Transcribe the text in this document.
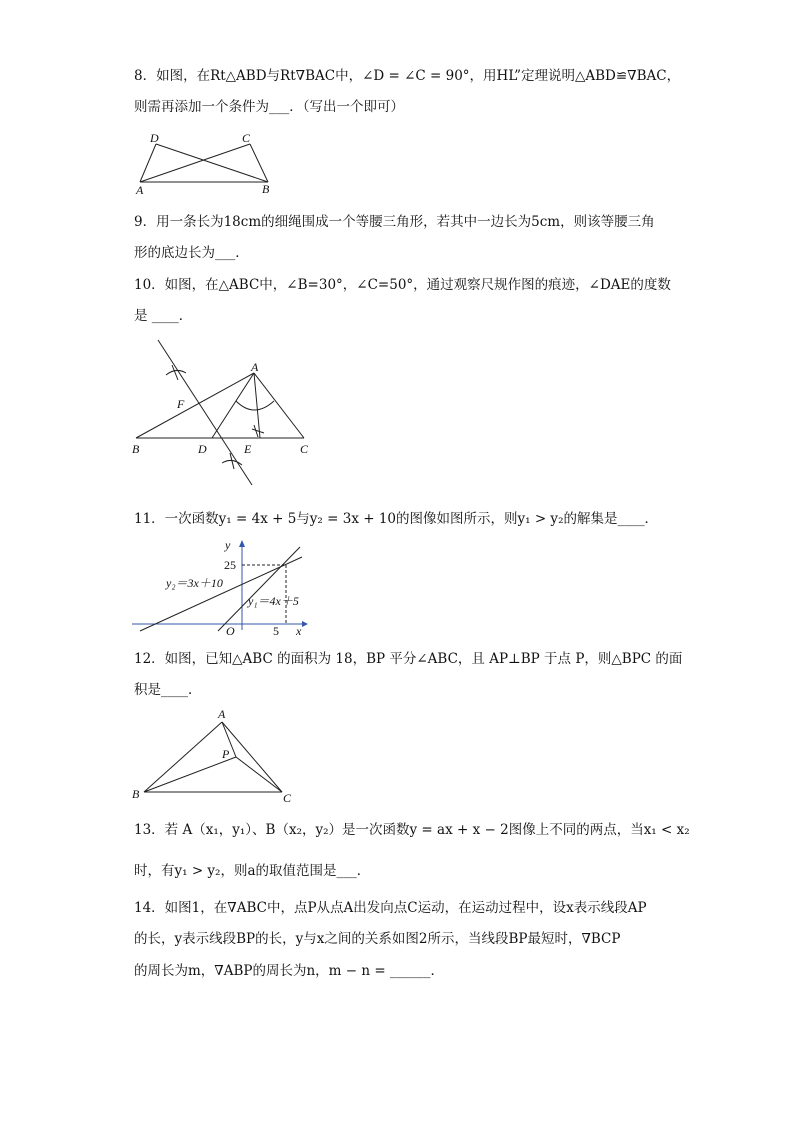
8．如图，在Rt△ABD与Rt∇BAC中，∠D = ∠C = 90°，用HL”定理说明△ABD≌∇BAC，
则需再添加一个条件为___．（写出一个即可）
D	C
A	B
9．用一条长为18cm的细绳围成一个等腰三角形，若其中一边长为5cm，则该等腰三角
形的底边长为___．
10．如图，在△ABC中，∠B=30°，∠C=50°，通过观察尺规作图的痕迹，∠DAE的度数
是 ____．
A
F
B	D	E	C
11．一次函数y₁ = 4x + 5与y₂ = 3x + 10的图像如图所示，则y₁ > y₂的解集是____．
y
x
25
5
O
y₂＝3x＋10
y₁＝4x＋5
12．如图，已知△ABC 的面积为 18，BP 平分∠ABC，且 AP⊥BP 于点 P，则△BPC 的面
积是____．
A
P
B	C
13．若 A（x₁，y₁）、B（x₂，y₂）是一次函数y = ax + x − 2图像上不同的两点，当x₁ < x₂
时，有y₁ > y₂，则a的取值范围是___．
14．如图1，在∇ABC中，点P从点A出发向点C运动，在运动过程中，设x表示线段AP
的长，y表示线段BP的长，y与x之间的关系如图2所示，当线段BP最短时，∇BCP
的周长为m，∇ABP的周长为n，m − n = ______．
